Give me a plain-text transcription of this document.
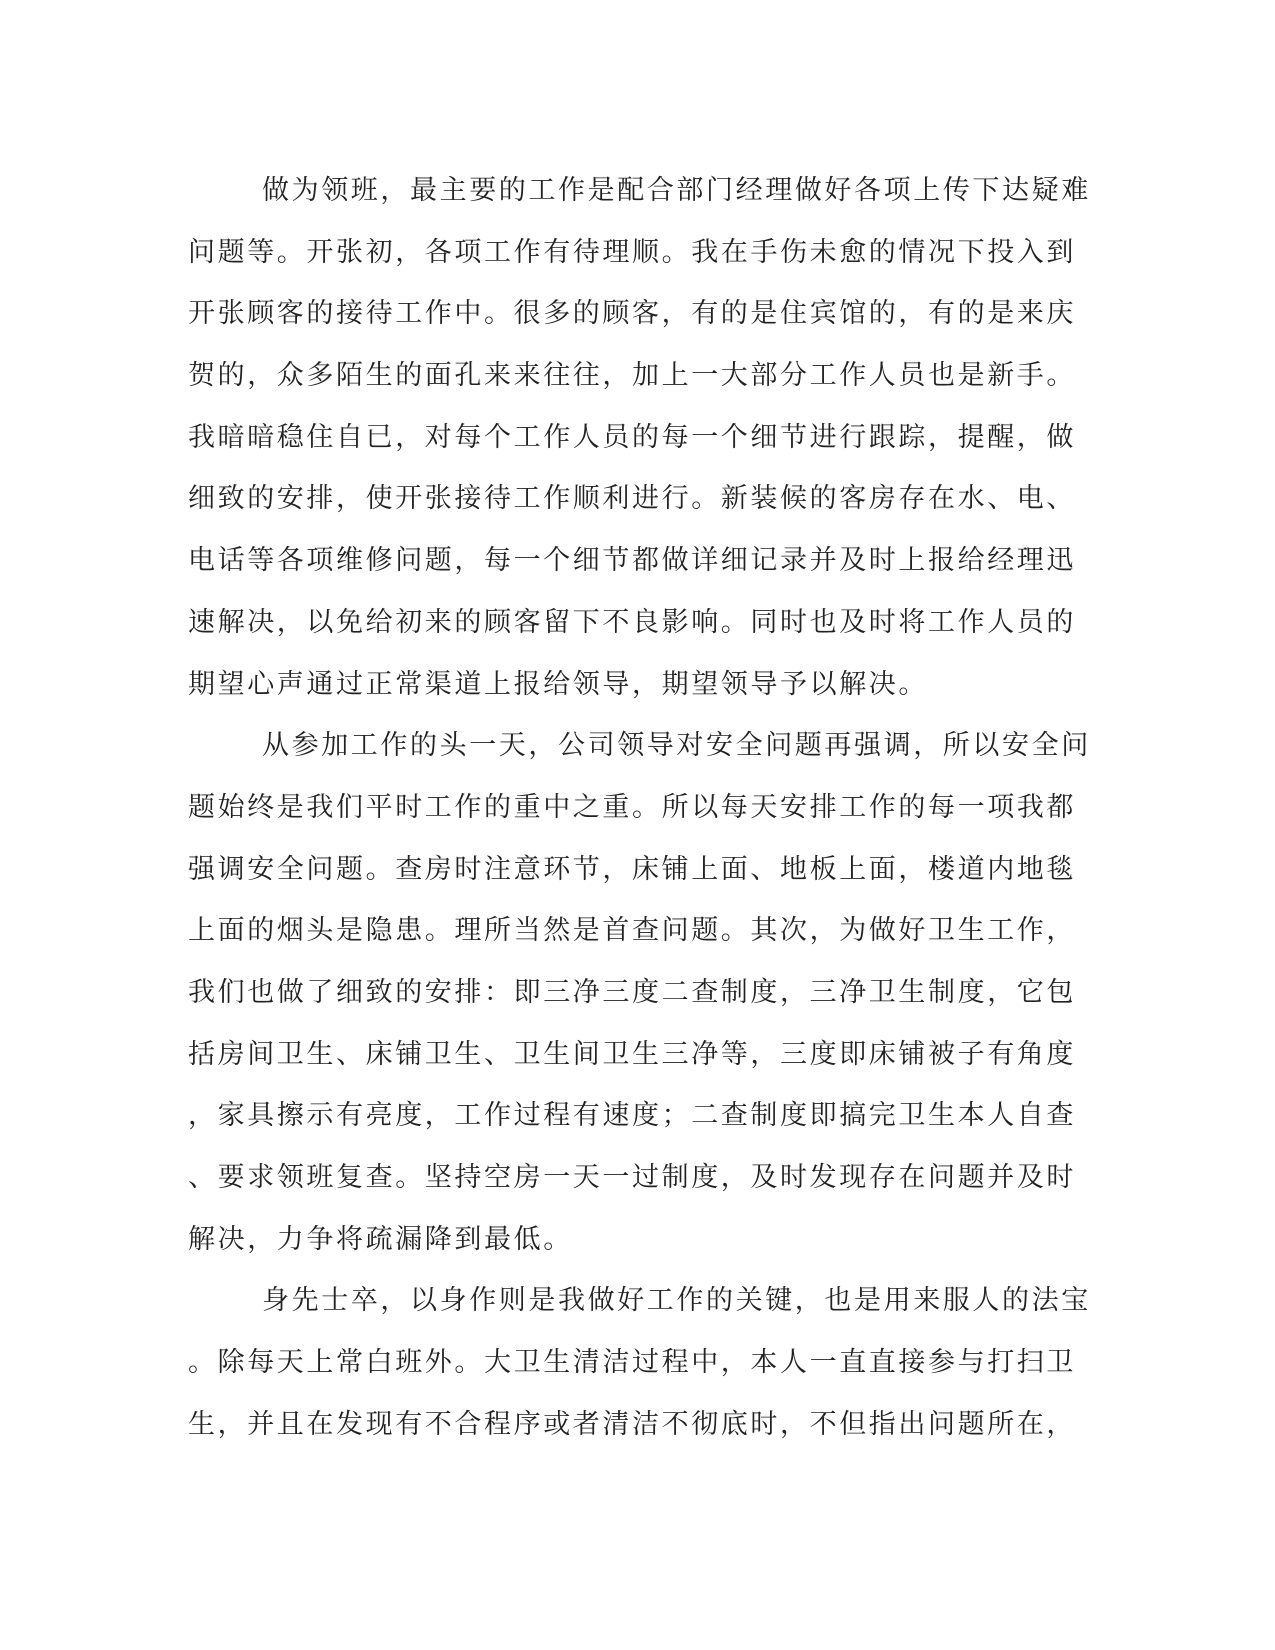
做为领班，最主要的工作是配合部门经理做好各项上传下达疑难
问题等。开张初，各项工作有待理顺。我在手伤未愈的情况下投入到
开张顾客的接待工作中。很多的顾客，有的是住宾馆的，有的是来庆
贺的，众多陌生的面孔来来往往，加上一大部分工作人员也是新手。
我暗暗稳住自已，对每个工作人员的每一个细节进行跟踪，提醒，做
细致的安排，使开张接待工作顺利进行。新装候的客房存在水、电、
电话等各项维修问题，每一个细节都做详细记录并及时上报给经理迅
速解决，以免给初来的顾客留下不良影响。同时也及时将工作人员的
期望心声通过正常渠道上报给领导，期望领导予以解决。
从参加工作的头一天，公司领导对安全问题再强调，所以安全问
题始终是我们平时工作的重中之重。所以每天安排工作的每一项我都
强调安全问题。查房时注意环节，床铺上面、地板上面，楼道内地毯
上面的烟头是隐患。理所当然是首查问题。其次，为做好卫生工作，
我们也做了细致的安排：即三净三度二查制度，三净卫生制度，它包
括房间卫生、床铺卫生、卫生间卫生三净等，三度即床铺被子有角度
，家具擦示有亮度，工作过程有速度；二查制度即搞完卫生本人自查
、要求领班复查。坚持空房一天一过制度，及时发现存在问题并及时
解决，力争将疏漏降到最低。
身先士卒，以身作则是我做好工作的关键，也是用来服人的法宝
。除每天上常白班外。大卫生清洁过程中，本人一直直接参与打扫卫
生，并且在发现有不合程序或者清洁不彻底时，不但指出问题所在，
